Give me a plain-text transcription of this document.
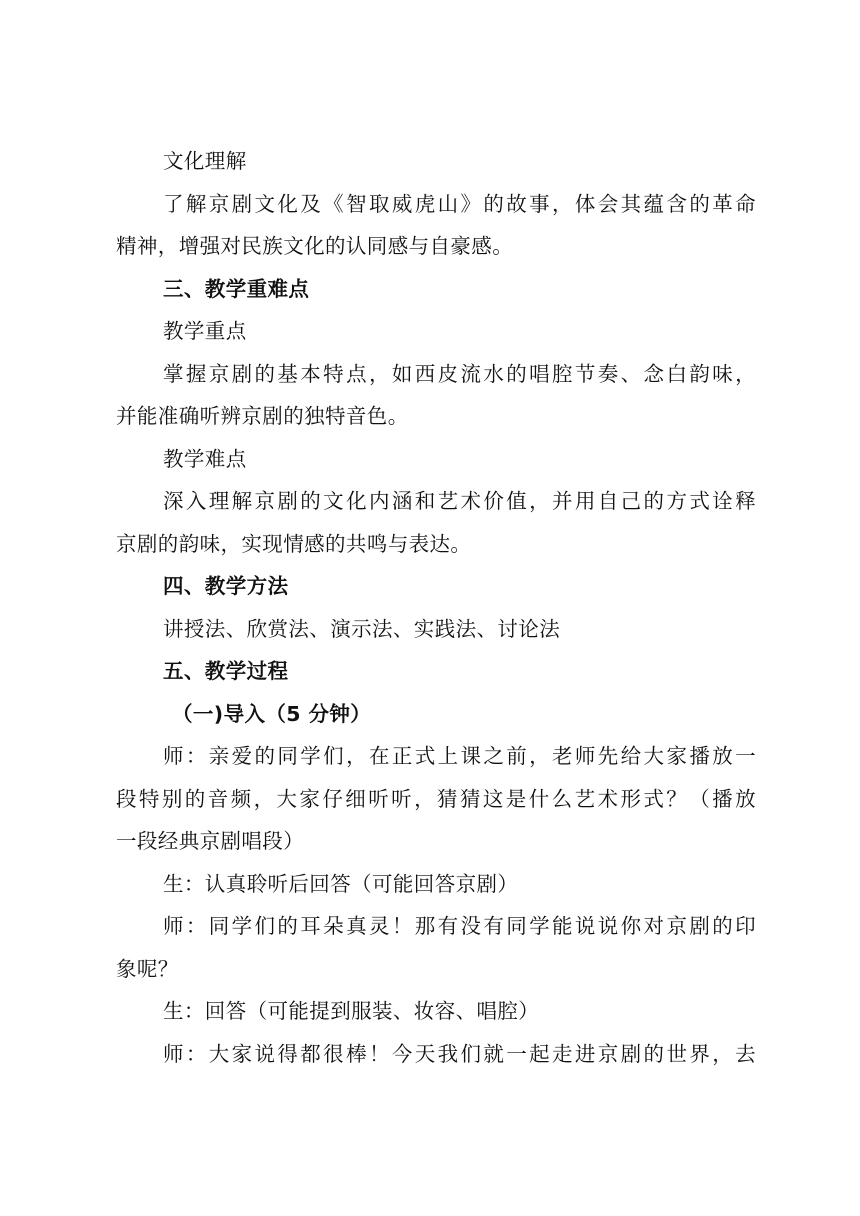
文化理解
了解京剧文化及《智取威虎山》的故事，体会其蕴含的革命
精神，增强对民族文化的认同感与自豪感。
三、教学重难点
教学重点
掌握京剧的基本特点，如西皮流水的唱腔节奏、念白韵味，
并能准确听辨京剧的独特音色。
教学难点
深入理解京剧的文化内涵和艺术价值，并用自己的方式诠释
京剧的韵味，实现情感的共鸣与表达。
四、教学方法
讲授法、欣赏法、演示法、实践法、讨论法
五、教学过程
（一)导入（5 分钟）
师：亲爱的同学们，在正式上课之前，老师先给大家播放一
段特别的音频，大家仔细听听，猜猜这是什么艺术形式？（播放
一段经典京剧唱段）
生：认真聆听后回答（可能回答京剧）
师：同学们的耳朵真灵！那有没有同学能说说你对京剧的印
象呢？
生：回答（可能提到服装、妆容、唱腔）
师：大家说得都很棒！今天我们就一起走进京剧的世界，去
